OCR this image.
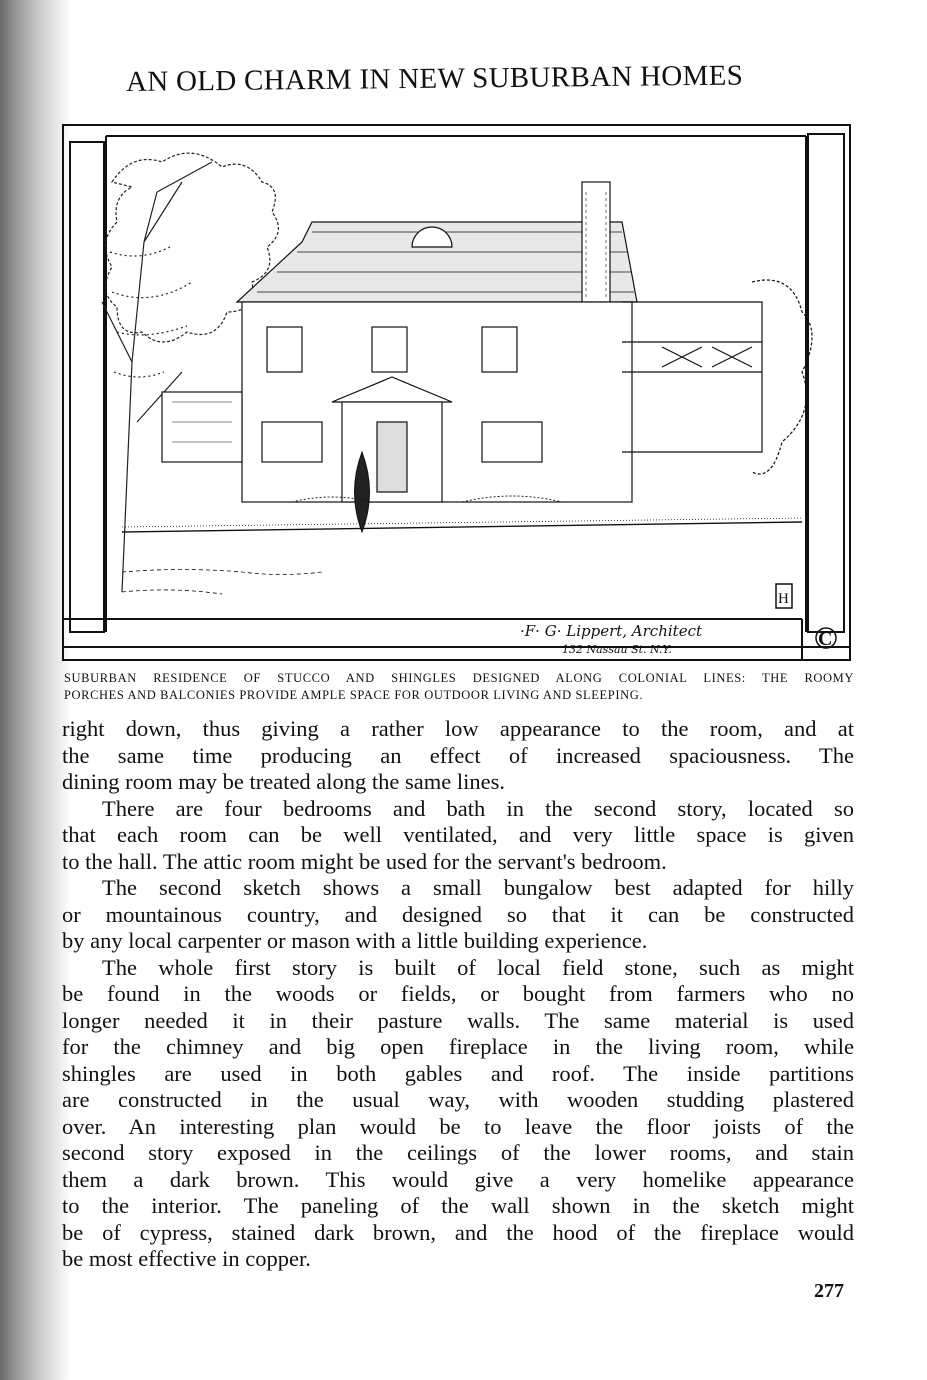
AN OLD CHARM IN NEW SUBURBAN HOMES
H
·F· G· Lippert, Architect
132 Nassau St. N.Y.	C
SUBURBAN RESIDENCE OF STUCCO AND SHINGLES DESIGNED ALONG COLONIAL LINES: THE ROOMY
PORCHES AND BALCONIES PROVIDE AMPLE SPACE FOR OUTDOOR LIVING AND SLEEPING.
right down, thus giving a rather low appearance to the room, and at
the same time producing an effect of increased spaciousness. The
dining room may be treated along the same lines.
There are four bedrooms and bath in the second story, located so
that each room can be well ventilated, and very little space is given
to the hall. The attic room might be used for the servant's bedroom.
The second sketch shows a small bungalow best adapted for hilly
or mountainous country, and designed so that it can be constructed
by any local carpenter or mason with a little building experience.
The whole first story is built of local field stone, such as might
be found in the woods or fields, or bought from farmers who no
longer needed it in their pasture walls. The same material is used
for the chimney and big open fireplace in the living room, while
shingles are used in both gables and roof. The inside partitions
are constructed in the usual way, with wooden studding plastered
over. An interesting plan would be to leave the floor joists of the
second story exposed in the ceilings of the lower rooms, and stain
them a dark brown. This would give a very homelike appearance
to the interior. The paneling of the wall shown in the sketch might
be of cypress, stained dark brown, and the hood of the fireplace would
be most effective in copper.
277
